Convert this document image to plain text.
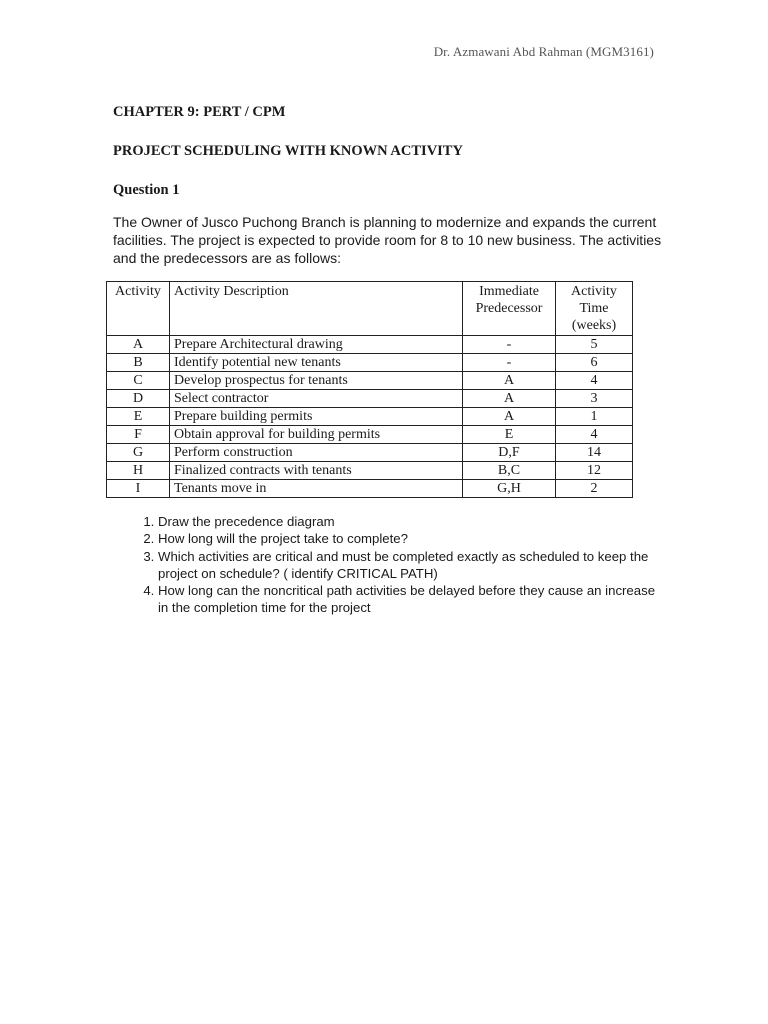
Dr. Azmawani Abd Rahman (MGM3161)
CHAPTER 9: PERT / CPM
PROJECT SCHEDULING WITH KNOWN ACTIVITY
Question 1
The Owner of Jusco Puchong Branch is planning to modernize and expands the current
facilities. The project is expected to provide room for 8 to 10 new business. The activities
and the predecessors are as follows:
Activity	Activity Description	Immediate Predecessor	Activity Time (weeks)
A	Prepare Architectural drawing	-	5
B	Identify potential new tenants	-	6
C	Develop prospectus for tenants	A	4
D	Select contractor	A	3
E	Prepare building permits	A	1
F	Obtain approval for building permits	E	4
G	Perform construction	D,F	14
H	Finalized contracts with tenants	B,C	12
I	Tenants move in	G,H	2
1. Draw the precedence diagram
2. How long will the project take to complete?
3. Which activities are critical and must be completed exactly as scheduled to keep the project on schedule? ( identify CRITICAL PATH)
4. How long can the noncritical path activities be delayed before they cause an increase in the completion time for the project
